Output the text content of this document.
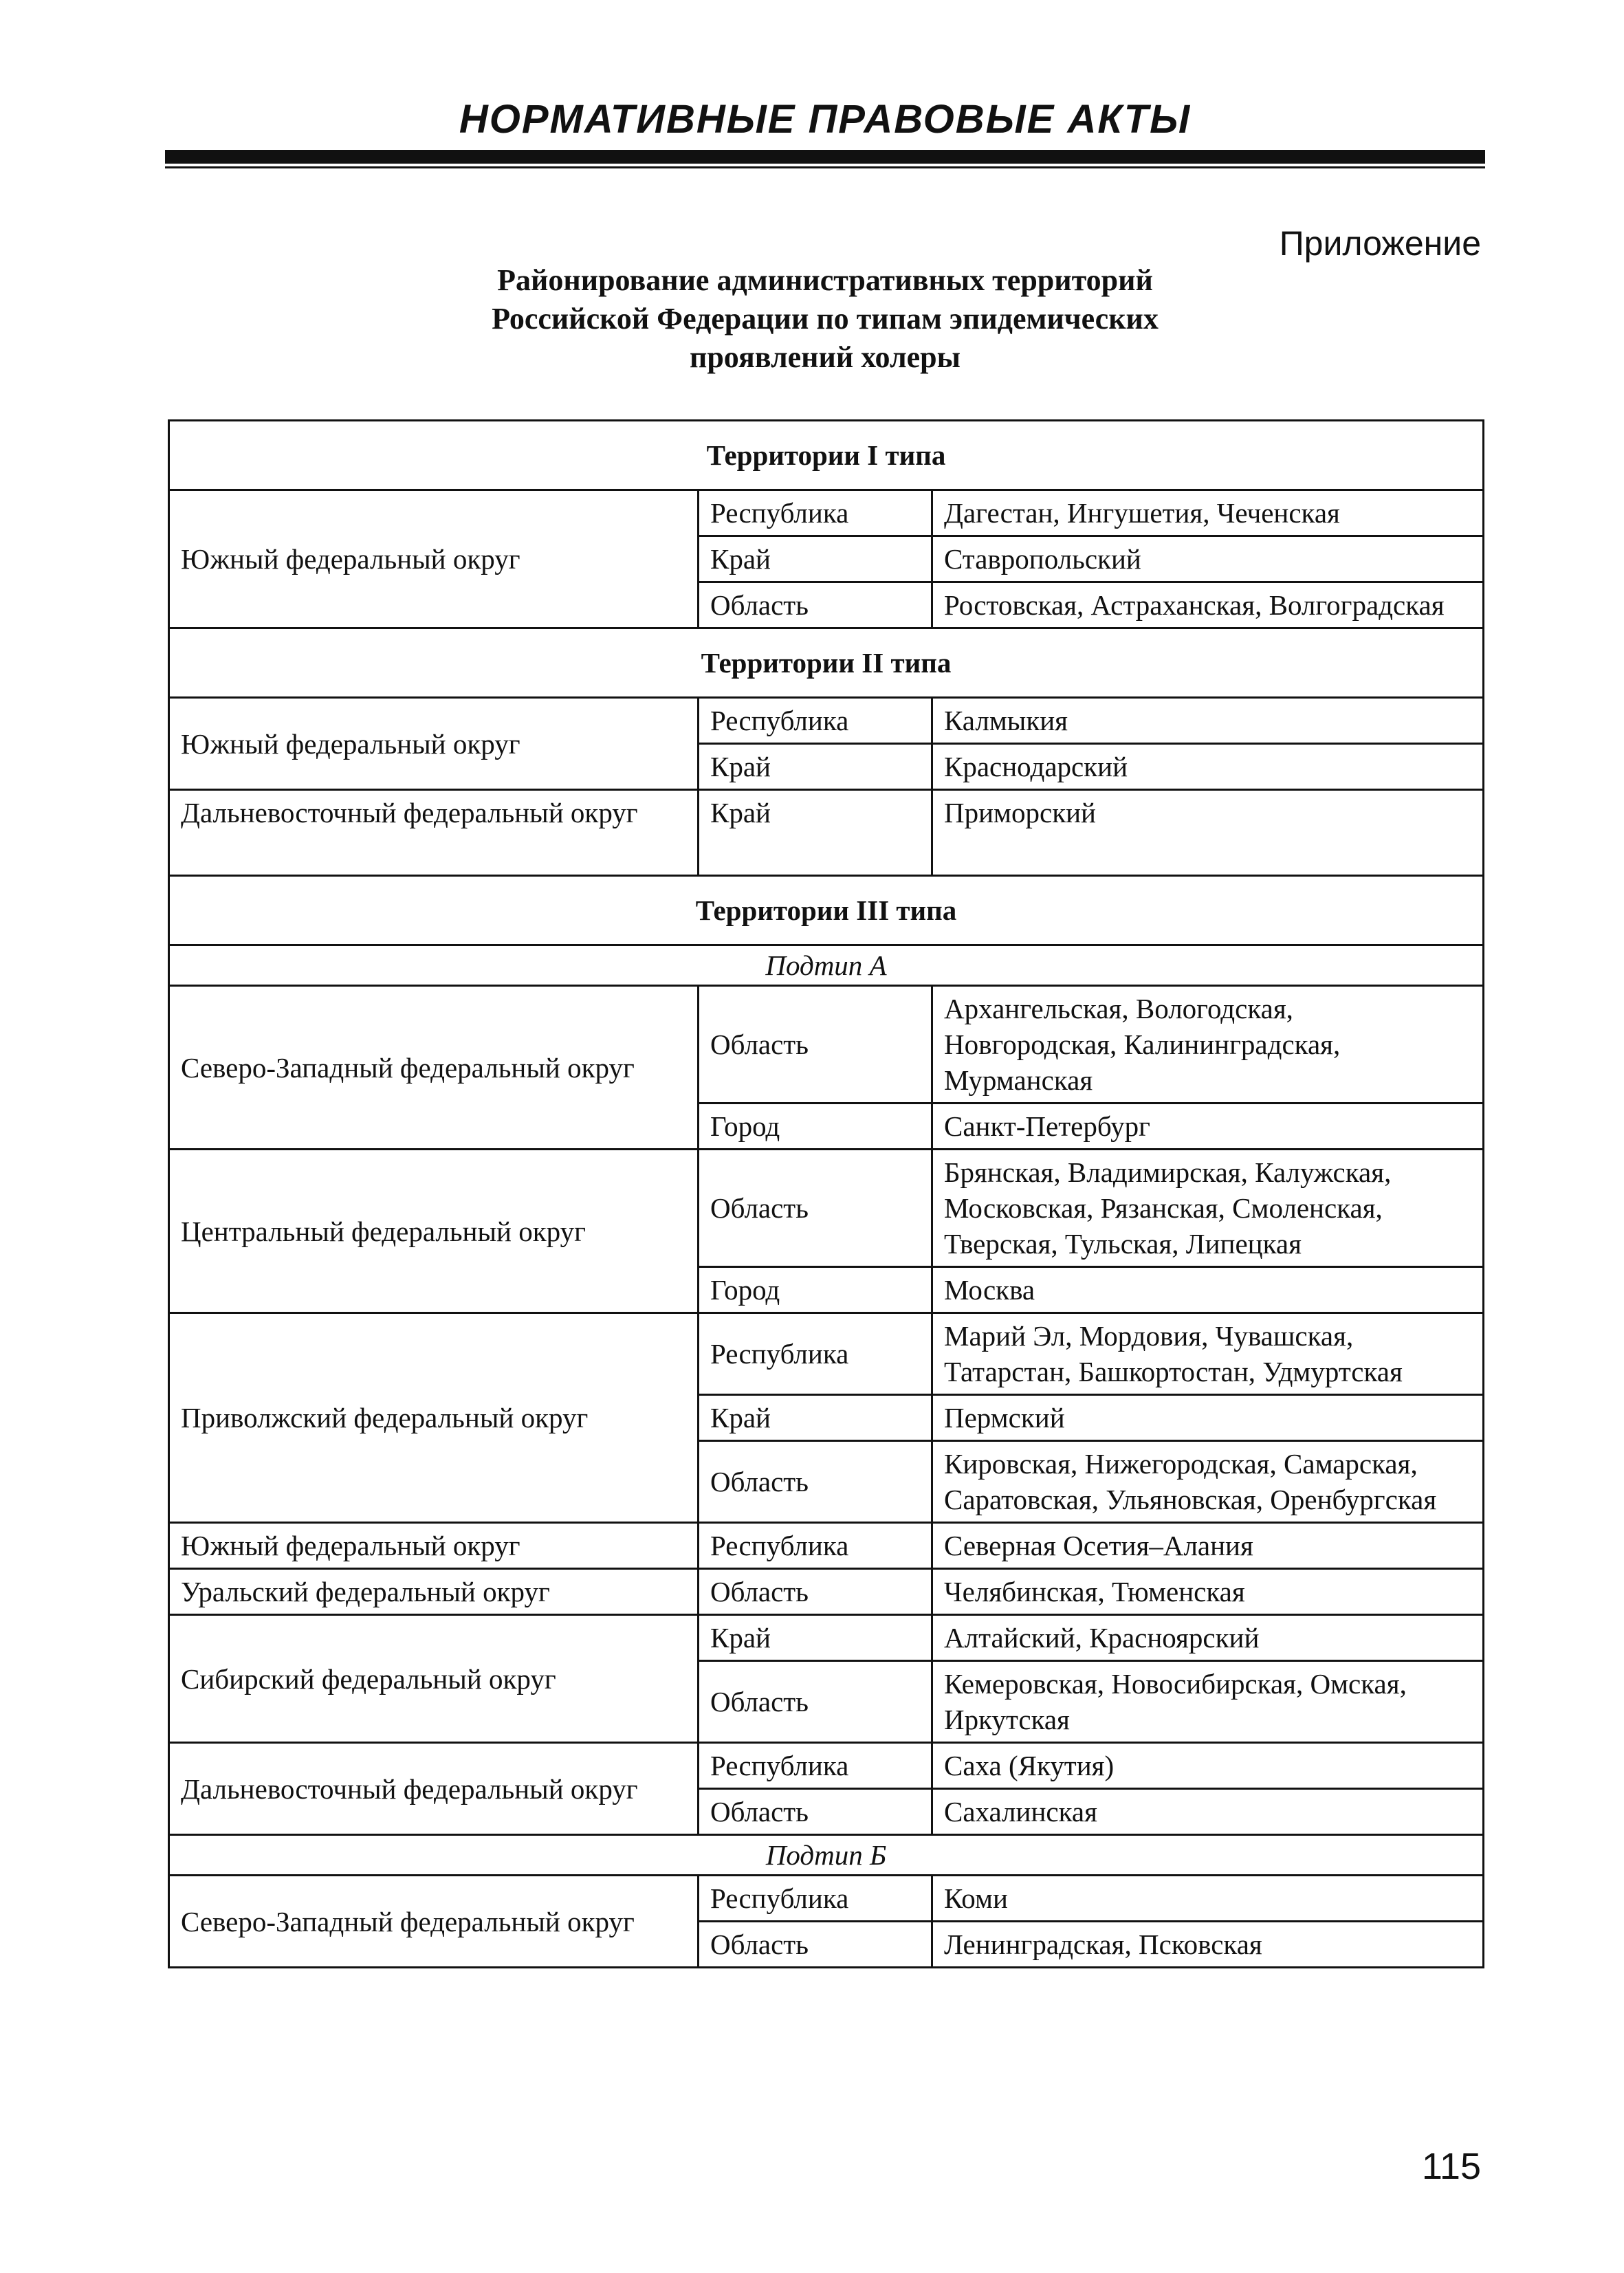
НОРМАТИВНЫЕ ПРАВОВЫЕ АКТЫ
Приложение
Районирование административных территорий
Российской Федерации по типам эпидемических
проявлений холеры
Территории I типа		
Южный федеральный округ	Республика	Дагестан, Ингушетия, Чеченская
	Край	Ставропольский
	Область	Ростовская, Астраханская, Волгоградская
Территории II типа		
Южный федеральный округ	Республика	Калмыкия
	Край	Краснодарский
Дальневосточный федеральный округ	Край	Приморский
Территории III типа		
Подтип А		
Северо-Западный федеральный округ	Область	Архангельская, Вологодская, Новгородская, Калининградская, Мурманская
	Город	Санкт-Петербург
Центральный федеральный округ	Область	Брянская, Владимирская, Калужская, Московская, Рязанская, Смоленская, Тверская, Тульская, Липецкая
	Город	Москва
Приволжский федеральный округ	Республика	Марий Эл, Мордовия, Чувашская, Татарстан, Башкортостан, Удмуртская
	Край	Пермский
	Область	Кировская, Нижегородская, Самарская, Саратовская, Ульяновская, Оренбургская
Южный федеральный округ	Республика	Северная Осетия–Алания
Уральский федеральный округ	Область	Челябинская, Тюменская
Сибирский федеральный округ	Край	Алтайский, Красноярский
	Область	Кемеровская, Новосибирская, Омская, Иркутская
Дальневосточный федеральный округ	Республика	Саха (Якутия)
	Область	Сахалинская
Подтип Б		
Северо-Западный федеральный округ	Республика	Коми
	Область	Ленинградская, Псковская
115
